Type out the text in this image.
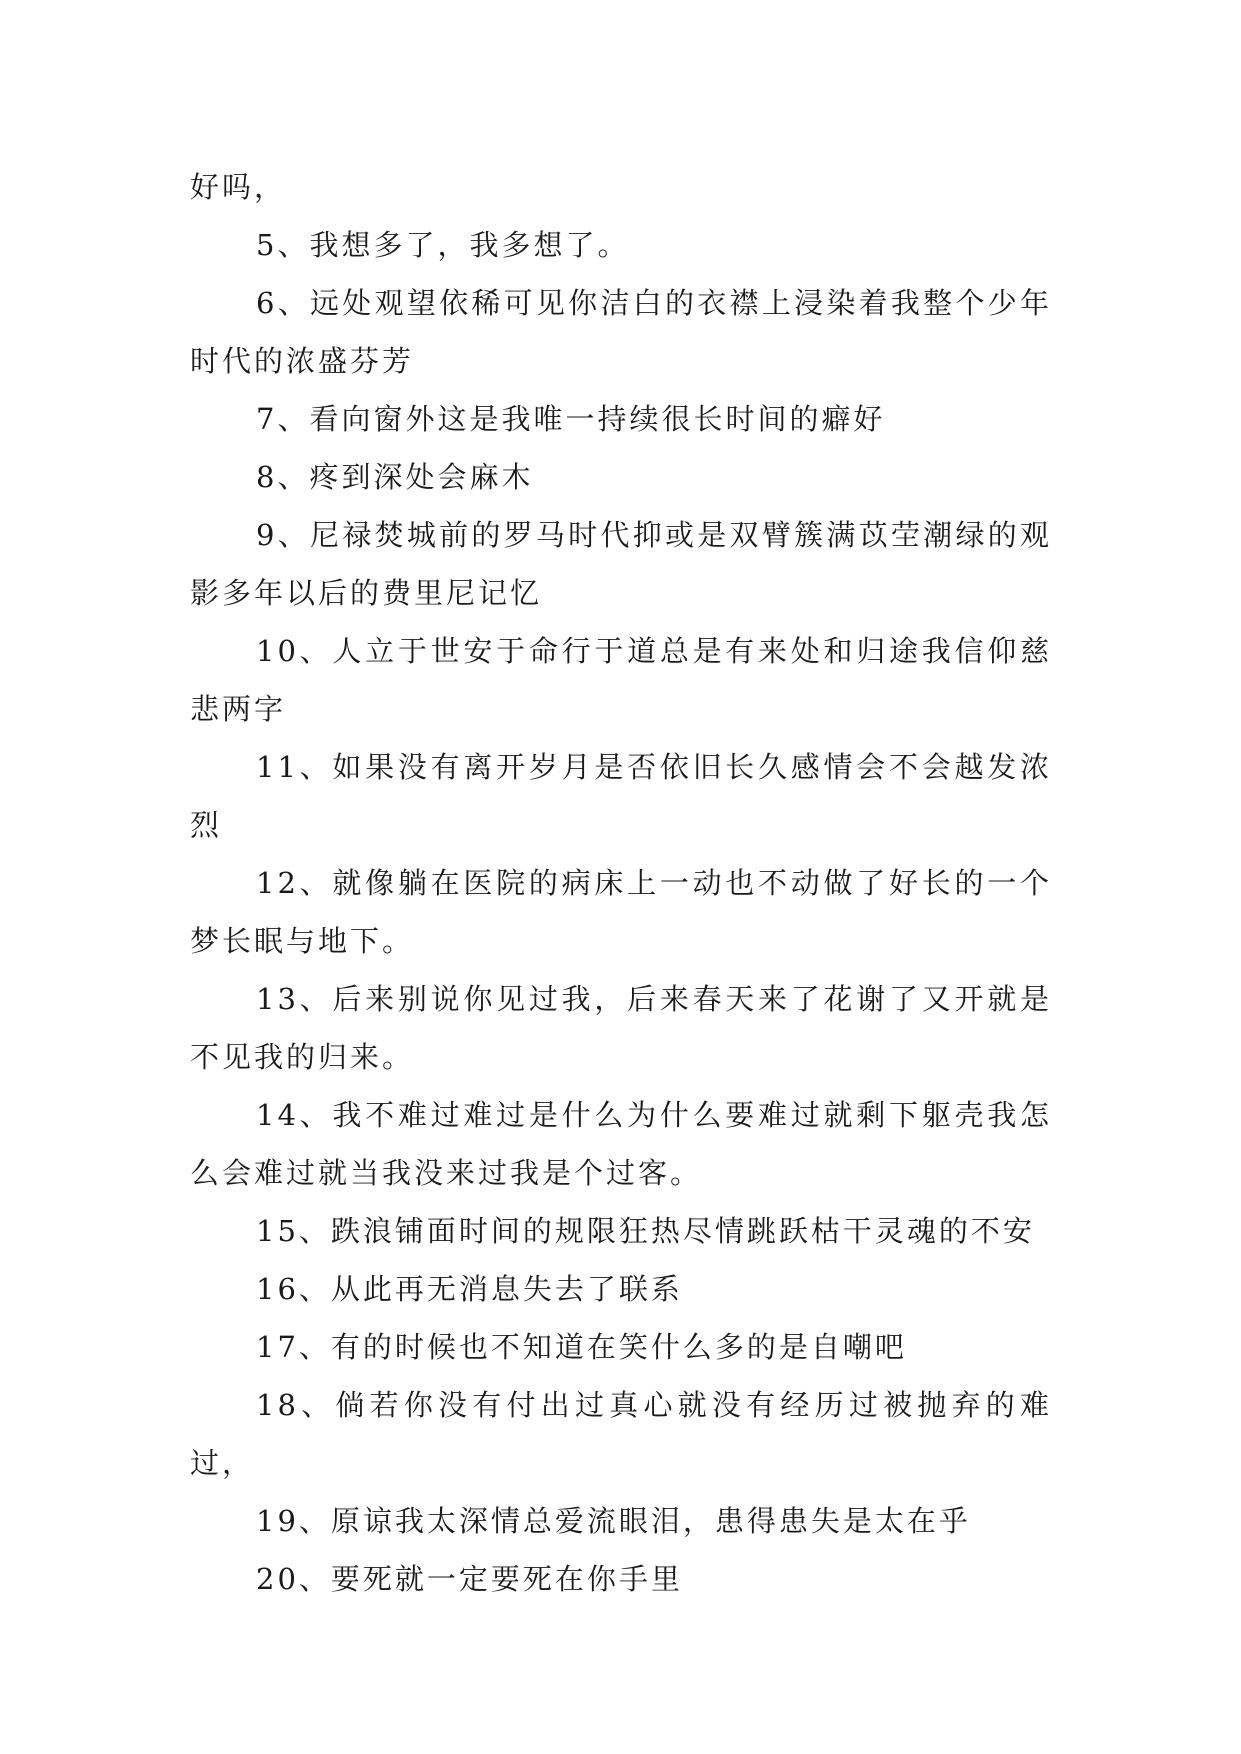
好吗，

5、我想多了，我多想了。

6、远处观望依稀可见你洁白的衣襟上浸染着我整个少年时代的浓盛芬芳

7、看向窗外这是我唯一持续很长时间的癖好

8、疼到深处会麻木

9、尼禄焚城前的罗马时代抑或是双臂簇满苡茔潮绿的观影多年以后的费里尼记忆

10、人立于世安于命行于道总是有来处和归途我信仰慈悲两字

11、如果没有离开岁月是否依旧长久感情会不会越发浓烈

12、就像躺在医院的病床上一动也不动做了好长的一个梦长眠与地下。

13、后来别说你见过我，后来春天来了花谢了又开就是不见我的归来。

14、我不难过难过是什么为什么要难过就剩下躯壳我怎么会难过就当我没来过我是个过客。

15、跌浪铺面时间的规限狂热尽情跳跃枯干灵魂的不安

16、从此再无消息失去了联系

17、有的时候也不知道在笑什么多的是自嘲吧

18、倘若你没有付出过真心就没有经历过被抛弃的难过，

19、原谅我太深情总爱流眼泪，患得患失是太在乎

20、要死就一定要死在你手里
